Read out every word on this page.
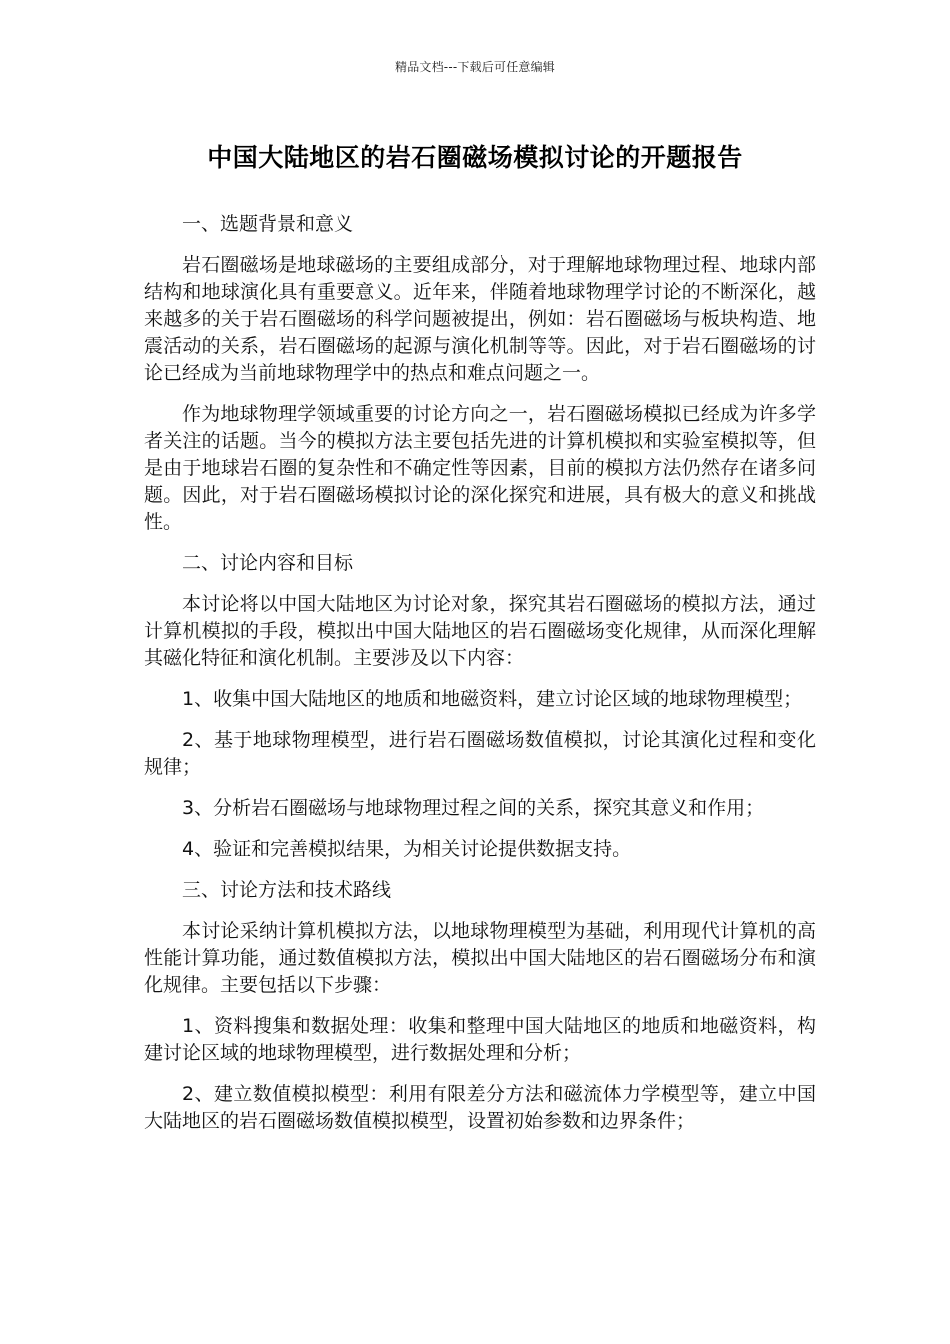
精品文档---下载后可任意编辑
中国大陆地区的岩石圈磁场模拟讨论的开题报告

一、选题背景和意义

岩石圈磁场是地球磁场的主要组成部分，对于理解地球物理过程、地球内部结构和地球演化具有重要意义。近年来，伴随着地球物理学讨论的不断深化，越来越多的关于岩石圈磁场的科学问题被提出，例如：岩石圈磁场与板块构造、地震活动的关系，岩石圈磁场的起源与演化机制等等。因此，对于岩石圈磁场的讨论已经成为当前地球物理学中的热点和难点问题之一。

作为地球物理学领域重要的讨论方向之一，岩石圈磁场模拟已经成为许多学者关注的话题。当今的模拟方法主要包括先进的计算机模拟和实验室模拟等，但是由于地球岩石圈的复杂性和不确定性等因素，目前的模拟方法仍然存在诸多问题。因此，对于岩石圈磁场模拟讨论的深化探究和进展，具有极大的意义和挑战性。

二、讨论内容和目标

本讨论将以中国大陆地区为讨论对象，探究其岩石圈磁场的模拟方法，通过计算机模拟的手段，模拟出中国大陆地区的岩石圈磁场变化规律，从而深化理解其磁化特征和演化机制。主要涉及以下内容：

1、收集中国大陆地区的地质和地磁资料，建立讨论区域的地球物理模型；

2、基于地球物理模型，进行岩石圈磁场数值模拟，讨论其演化过程和变化规律；

3、分析岩石圈磁场与地球物理过程之间的关系，探究其意义和作用；

4、验证和完善模拟结果，为相关讨论提供数据支持。

三、讨论方法和技术路线

本讨论采纳计算机模拟方法，以地球物理模型为基础，利用现代计算机的高性能计算功能，通过数值模拟方法，模拟出中国大陆地区的岩石圈磁场分布和演化规律。主要包括以下步骤：

1、资料搜集和数据处理：收集和整理中国大陆地区的地质和地磁资料，构建讨论区域的地球物理模型，进行数据处理和分析；

2、建立数值模拟模型：利用有限差分方法和磁流体力学模型等，建立中国大陆地区的岩石圈磁场数值模拟模型，设置初始参数和边界条件；
